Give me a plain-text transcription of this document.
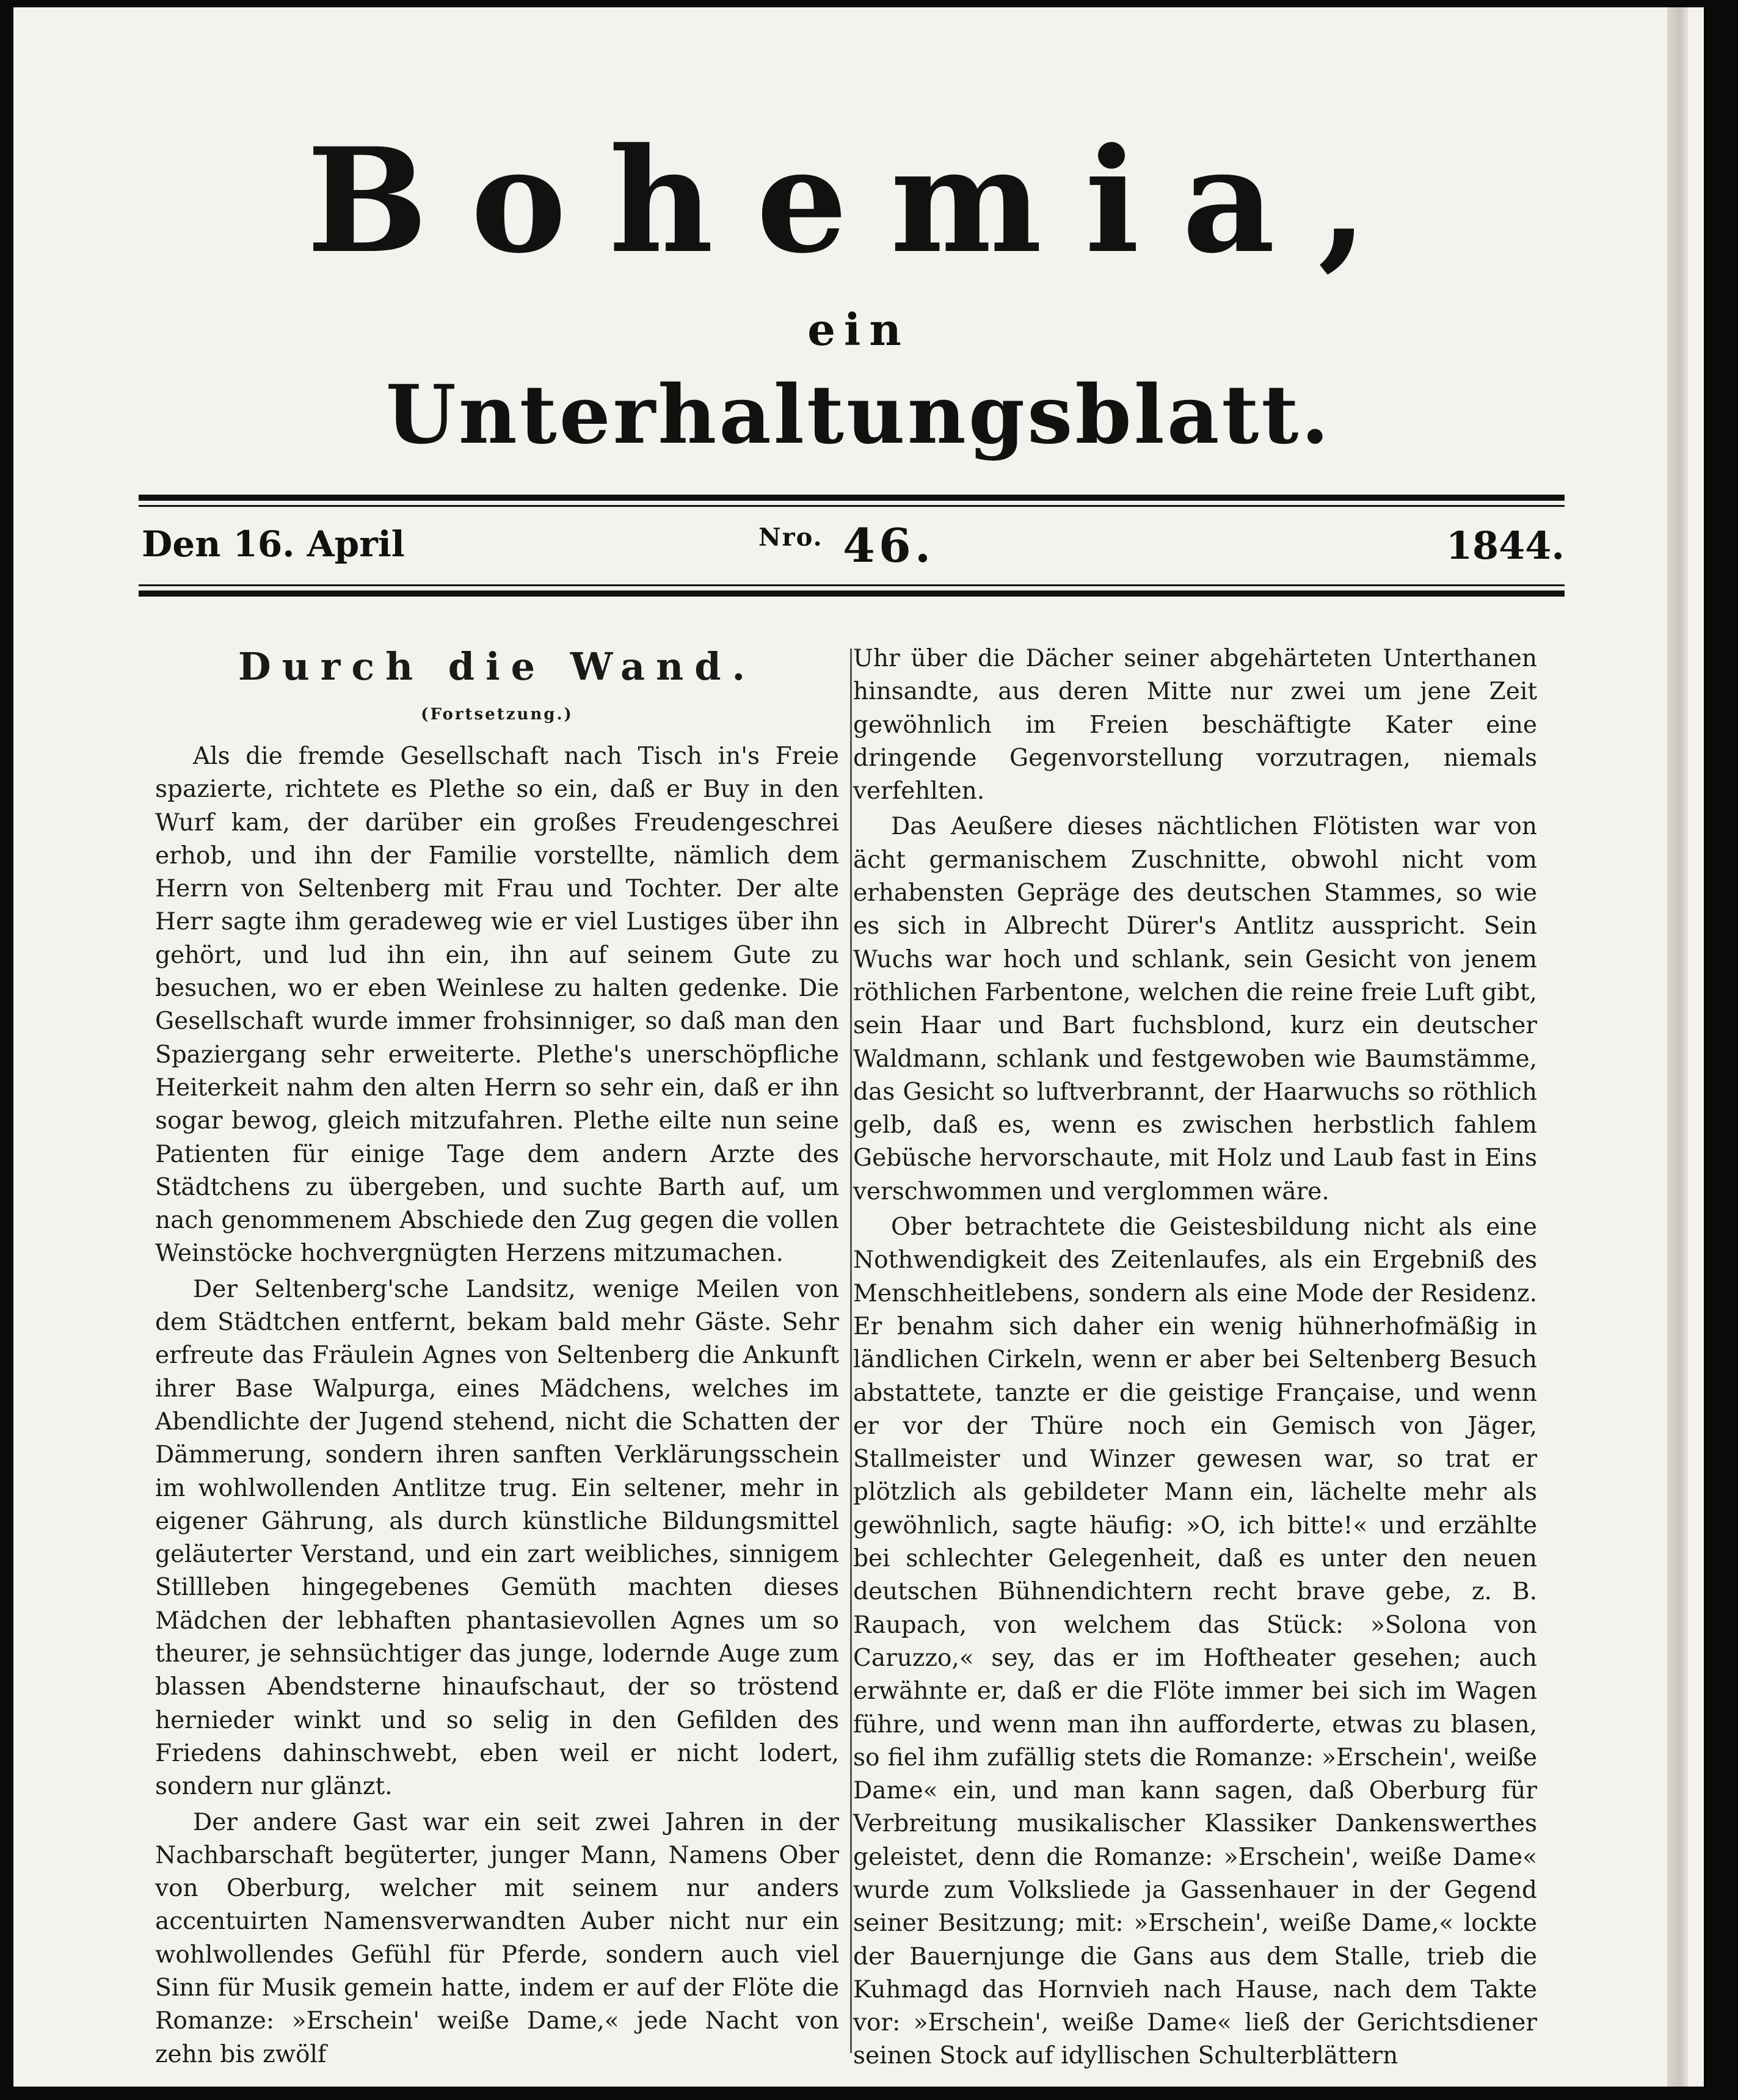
Bohemia,
ein
Unterhaltungsblatt.
Den 16. April	$^{Nro.}$ 46.	1844.
Durch die Wand.
(Fortsetzung.)

Als die fremde Gesellschaft nach Tisch in's Freie spazierte, richtete es Plethe so ein, daß er Buy in den Wurf kam, der darüber ein großes Freudengeschrei erhob, und ihn der Familie vorstellte, nämlich dem Herrn von Seltenberg mit Frau und Tochter. Der alte Herr sagte ihm geradeweg wie er viel Lustiges über ihn gehört, und lud ihn ein, ihn auf seinem Gute zu besuchen, wo er eben Weinlese zu halten gedenke. Die Gesellschaft wurde immer frohsinniger, so daß man den Spaziergang sehr erweiterte. Plethe's unerschöpfliche Heiterkeit nahm den alten Herrn so sehr ein, daß er ihn sogar bewog, gleich mitzufahren. Plethe eilte nun seine Patienten für einige Tage dem andern Arzte des Städtchens zu übergeben, und suchte Barth auf, um nach genommenem Abschiede den Zug gegen die vollen Weinstöcke hochvergnügten Herzens mitzumachen.

Der Seltenberg'sche Landsitz, wenige Meilen von dem Städtchen entfernt, bekam bald mehr Gäste. Sehr erfreute das Fräulein Agnes von Seltenberg die Ankunft ihrer Base Walpurga, eines Mädchens, welches im Abendlichte der Jugend stehend, nicht die Schatten der Dämmerung, sondern ihren sanften Verklärungsschein im wohlwollenden Antlitze trug. Ein seltener, mehr in eigener Gährung, als durch künstliche Bildungsmittel geläuterter Verstand, und ein zart weibliches, sinnigem Stillleben hingegebenes Gemüth machten dieses Mädchen der lebhaften phantasievollen Agnes um so theurer, je sehnsüchtiger das junge, lodernde Auge zum blassen Abendsterne hinaufschaut, der so tröstend hernieder winkt und so selig in den Gefilden des Friedens dahinschwebt, eben weil er nicht lodert, sondern nur glänzt.

Der andere Gast war ein seit zwei Jahren in der Nachbarschaft begüterter, junger Mann, Namens Ober von Oberburg, welcher mit seinem nur anders accentuirten Namensverwandten Auber nicht nur ein wohlwollendes Gefühl für Pferde, sondern auch viel Sinn für Musik gemein hatte, indem er auf der Flöte die Romanze: »Erschein' weiße Dame,« jede Nacht von zehn bis zwölf

Uhr über die Dächer seiner abgehärteten Unterthanen hinsandte, aus deren Mitte nur zwei um jene Zeit gewöhnlich im Freien beschäftigte Kater eine dringende Gegenvorstellung vorzutragen, niemals verfehlten.

Das Aeußere dieses nächtlichen Flötisten war von ächt germanischem Zuschnitte, obwohl nicht vom erhabensten Gepräge des deutschen Stammes, so wie es sich in Albrecht Dürer's Antlitz ausspricht. Sein Wuchs war hoch und schlank, sein Gesicht von jenem röthlichen Farbentone, welchen die reine freie Luft gibt, sein Haar und Bart fuchsblond, kurz ein deutscher Waldmann, schlank und festgewoben wie Baumstämme, das Gesicht so luftverbrannt, der Haarwuchs so röthlich gelb, daß es, wenn es zwischen herbstlich fahlem Gebüsche hervorschaute, mit Holz und Laub fast in Eins verschwommen und verglommen wäre.

Ober betrachtete die Geistesbildung nicht als eine Nothwendigkeit des Zeitenlaufes, als ein Ergebniß des Menschheitlebens, sondern als eine Mode der Residenz. Er benahm sich daher ein wenig hühnerhofmäßig in ländlichen Cirkeln, wenn er aber bei Seltenberg Besuch abstattete, tanzte er die geistige Française, und wenn er vor der Thüre noch ein Gemisch von Jäger, Stallmeister und Winzer gewesen war, so trat er plötzlich als gebildeter Mann ein, lächelte mehr als gewöhnlich, sagte häufig: »O, ich bitte!« und erzählte bei schlechter Gelegenheit, daß es unter den neuen deutschen Bühnendichtern recht brave gebe, z. B. Raupach, von welchem das Stück: »Solona von Caruzzo,« sey, das er im Hoftheater gesehen; auch erwähnte er, daß er die Flöte immer bei sich im Wagen führe, und wenn man ihn aufforderte, etwas zu blasen, so fiel ihm zufällig stets die Romanze: »Erschein', weiße Dame« ein, und man kann sagen, daß Oberburg für Verbreitung musikalischer Klassiker Dankenswerthes geleistet, denn die Romanze: »Erschein', weiße Dame« wurde zum Volksliede ja Gassenhauer in der Gegend seiner Besitzung; mit: »Erschein', weiße Dame,« lockte der Bauernjunge die Gans aus dem Stalle, trieb die Kuhmagd das Hornvieh nach Hause, nach dem Takte vor: »Erschein', weiße Dame« ließ der Gerichtsdiener seinen Stock auf idyllischen Schulterblättern
